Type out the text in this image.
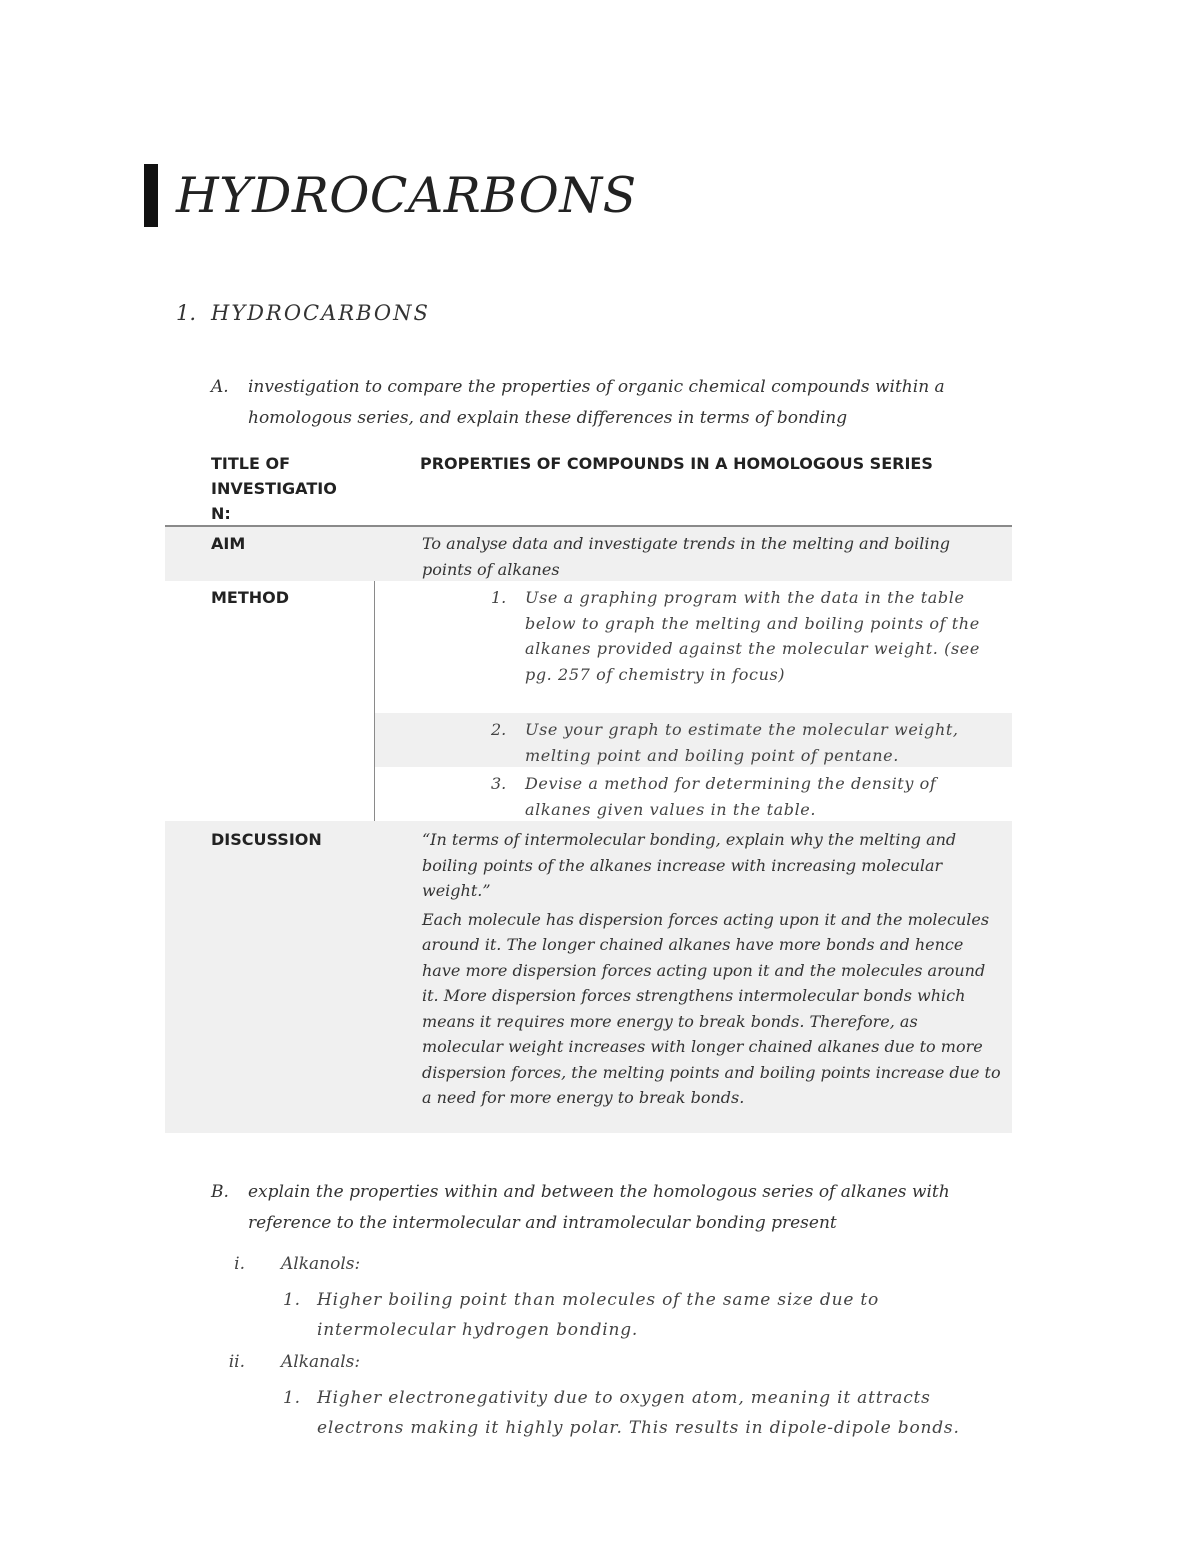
HYDROCARBONS
1. HYDROCARBONS
A.	investigation to compare the properties of organic chemical compounds within a homologous series, and explain these differences in terms of bonding
TITLE OF INVESTIGATIO N:
PROPERTIES OF COMPOUNDS IN A HOMOLOGOUS SERIES
AIM	To analyse data and investigate trends in the melting and boiling points of alkanes
METHOD	1. Use a graphing program with the data in the table below to graph the melting and boiling points of the alkanes provided against the molecular weight. (see pg. 257 of chemistry in focus)
2. Use your graph to estimate the molecular weight, melting point and boiling point of pentane.
3. Devise a method for determining the density of alkanes given values in the table.
DISCUSSION	“In terms of intermolecular bonding, explain why the melting and boiling points of the alkanes increase with increasing molecular weight.”
Each molecule has dispersion forces acting upon it and the molecules around it. The longer chained alkanes have more bonds and hence have more dispersion forces acting upon it and the molecules around it. More dispersion forces strengthens intermolecular bonds which means it requires more energy to break bonds. Therefore, as molecular weight increases with longer chained alkanes due to more dispersion forces, the melting points and boiling points increase due to a need for more energy to break bonds.
B.	explain the properties within and between the homologous series of alkanes with reference to the intermolecular and intramolecular bonding present
i. Alkanols:
1. Higher boiling point than molecules of the same size due to intermolecular hydrogen bonding.
ii. Alkanals:
1. Higher electronegativity due to oxygen atom, meaning it attracts electrons making it highly polar. This results in dipole-dipole bonds.
